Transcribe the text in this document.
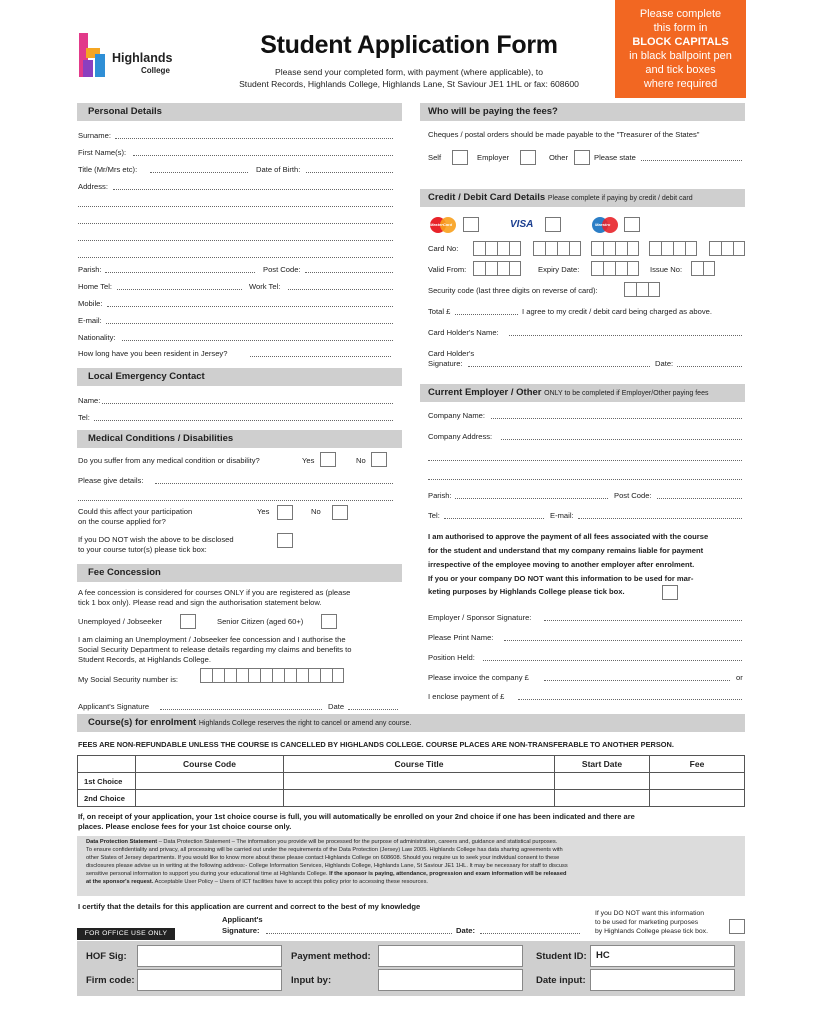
Highlands
College
Student Application Form
Please send your completed form, with payment (where applicable), to
Student Records, Highlands College, Highlands Lane, St Saviour JE1 1HL or fax: 608600
Please complete
this form in
BLOCK CAPITALS
in black ballpoint pen
and tick boxes
where required
Personal Details
Surname:
First Name(s):
Title (Mr/Mrs etc):	Date of Birth:
Address:
Parish:	Post Code:
Home Tel:	Work Tel:
Mobile:
E-mail:
Nationality:
How long have you been resident in Jersey?
Local Emergency Contact
Name:
Tel:
Medical Conditions / Disabilities
Do you suffer from any medical condition or disability?	Yes	No
Please give details:
Could this affect your participation
on the course applied for?
Yes	No
If you DO NOT wish the above to be disclosed
to your course tutor(s) please tick box:
Fee Concession
A fee concession is considered for courses ONLY if you are registered as (please
tick 1 box only). Please read and sign the authorisation statement below.
Unemployed / Jobseeker	Senior Citizen (aged 60+)
I am claiming an Unemployment / Jobseeker fee concession and I authorise the
Social Security Department to release details regarding my claims and benefits to
Student Records, at Highlands College.
My Social Security number is:
Applicant's Signature	Date
Who will be paying the fees?
Cheques / postal orders should be made payable to the "Treasurer of the States"
Self	Employer	Other	Please state
Credit / Debit Card Details Please complete if paying by credit / debit card
MasterCard	VISA	Maestro
Card No:
Valid From:	Expiry Date:	Issue No:
Security code (last three digits on reverse of card):
Total £	I agree to my credit / debit card being charged as above.
Card Holder's Name:
Card Holder's
Signature:	Date:
Current Employer / Other ONLY to be completed if Employer/Other paying fees
Company Name:
Company Address:
Parish:	Post Code:
Tel:	E-mail:
I am authorised to approve the payment of all fees associated with the course
for the student and understand that my company remains liable for payment
irrespective of the employee moving to another employer after enrolment.
If you or your company DO NOT want this information to be used for mar-
keting purposes by Highlands College please tick box.
Employer / Sponsor Signature:
Please Print Name:
Position Held:
Please invoice the company £	or
I enclose payment of £
Course(s) for enrolment Highlands College reserves the right to cancel or amend any course.
FEES ARE NON-REFUNDABLE UNLESS THE COURSE IS CANCELLED BY HIGHLANDS COLLEGE. COURSE PLACES ARE NON-TRANSFERABLE TO ANOTHER PERSON.
	Course Code	Course Title	Start Date	Fee
1st Choice				
2nd Choice				
If, on receipt of your application, your 1st choice course is full, you will automatically be enrolled on your 2nd choice if one has been indicated and there are
places. Please enclose fees for your 1st choice course only.
Data Protection Statement – Data Protection Statement – The information you provide will be processed for the purpose of administration, careers and, guidance and statistical purposes.
To ensure confidentiality and privacy, all processing will be carried out under the requirements of the Data Protection (Jersey) Law 2005. Highlands College has data sharing agreements with
other States of Jersey departments. If you would like to know more about these please contact Highlands College on 608608. Should you require us to seek your individual consent to these
disclosures please advise us in writing at the following address:- College Information Services, Highlands College, Highlands Lane, St Saviour JE1 1HL. It may be necessary for staff to discuss
sensitive personal information to support you during your educational time at Highlands College. If the sponsor is paying, attendance, progression and exam information will be released
at the sponsor's request. Acceptable User Policy – Users of ICT facilities have to accept this policy prior to accessing these resources.
I certify that the details for this application are current and correct to the best of my knowledge
Applicant's
Signature:	Date:
If you DO NOT want this information
to be used for marketing purposes
by Highlands College please tick box.
FOR OFFICE USE ONLY
HOF Sig:	Payment method:	Student ID: HC
Firm code:	Input by:	Date input:
